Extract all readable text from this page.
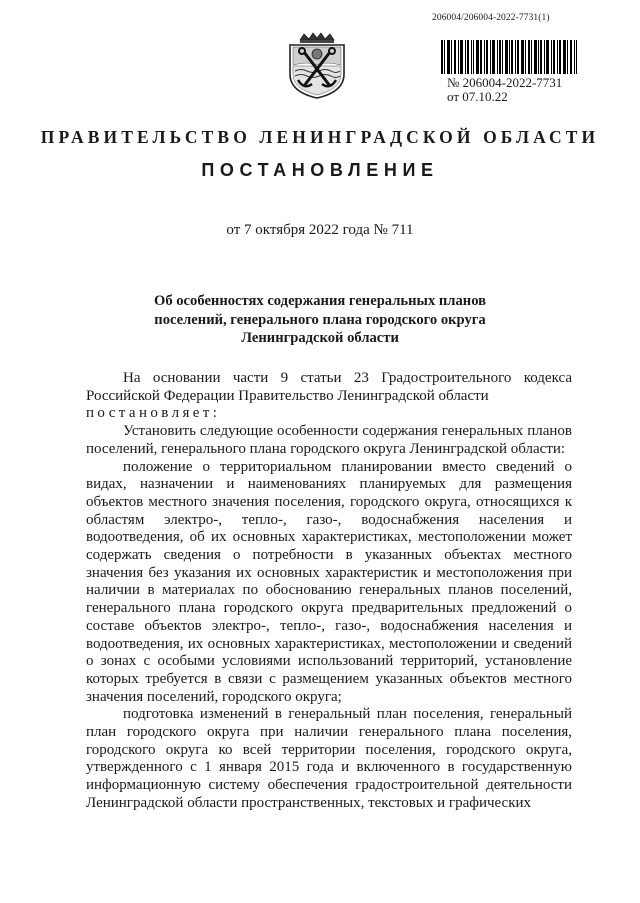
206004/206004-2022-7731(1)
№ 206004-2022-7731
от 07.10.22
ПРАВИТЕЛЬСТВО ЛЕНИНГРАДСКОЙ ОБЛАСТИ
ПОСТАНОВЛЕНИЕ
от 7 октября 2022 года № 711
Об особенностях содержания генеральных планов
поселений, генерального плана городского округа
Ленинградской области

На основании части 9 статьи 23 Градостроительного кодекса Российской Федерации Правительство Ленинградской области

постановляет:

Установить следующие особенности содержания генеральных планов поселений, генерального плана городского округа Ленинградской области:

положение о территориальном планировании вместо сведений о видах, назначении и наименованиях планируемых для размещения объектов местного значения поселения, городского округа, относящихся к областям электро-, тепло-, газо-, водоснабжения населения и водоотведения, об их основных характеристиках, местоположении может содержать сведения о потребности в указанных объектах местного значения без указания их основных характеристик и местоположения при наличии в материалах по обоснованию генеральных планов поселений, генерального плана городского округа предварительных предложений о составе объектов электро-, тепло-, газо-, водоснабжения населения и водоотведения, их основных характеристиках, местоположении и сведений о зонах с особыми условиями использований территорий, установление которых требуется в связи с размещением указанных объектов местного значения поселений, городского округа;

подготовка изменений в генеральный план поселения, генеральный план городского округа при наличии генерального плана поселения, городского округа ко всей территории поселения, городского округа, утвержденного с 1 января 2015 года и включенного в государственную информационную систему обеспечения градостроительной деятельности Ленинградской области пространственных, текстовых и графических
